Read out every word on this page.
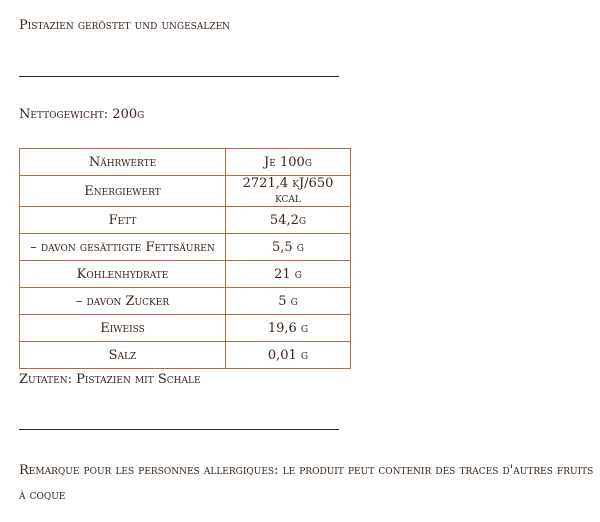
Pistazien geröstet und ungesalzen
Nettogewicht: 200g
Nährwerte	Je 100g
Energiewert	2721,4 kJ/650 kcal
Fett	54,2g
– davon gesättigte Fettsäuren	5,5 g
Kohlenhydrate	21 g
– davon Zucker	5 g
Eiweiss	19,6 g
Salz	0,01 g
Zutaten: Pistazien mit Schale
Remarque pour les personnes allergiques: le produit peut contenir des traces d'autres fruits à coque
